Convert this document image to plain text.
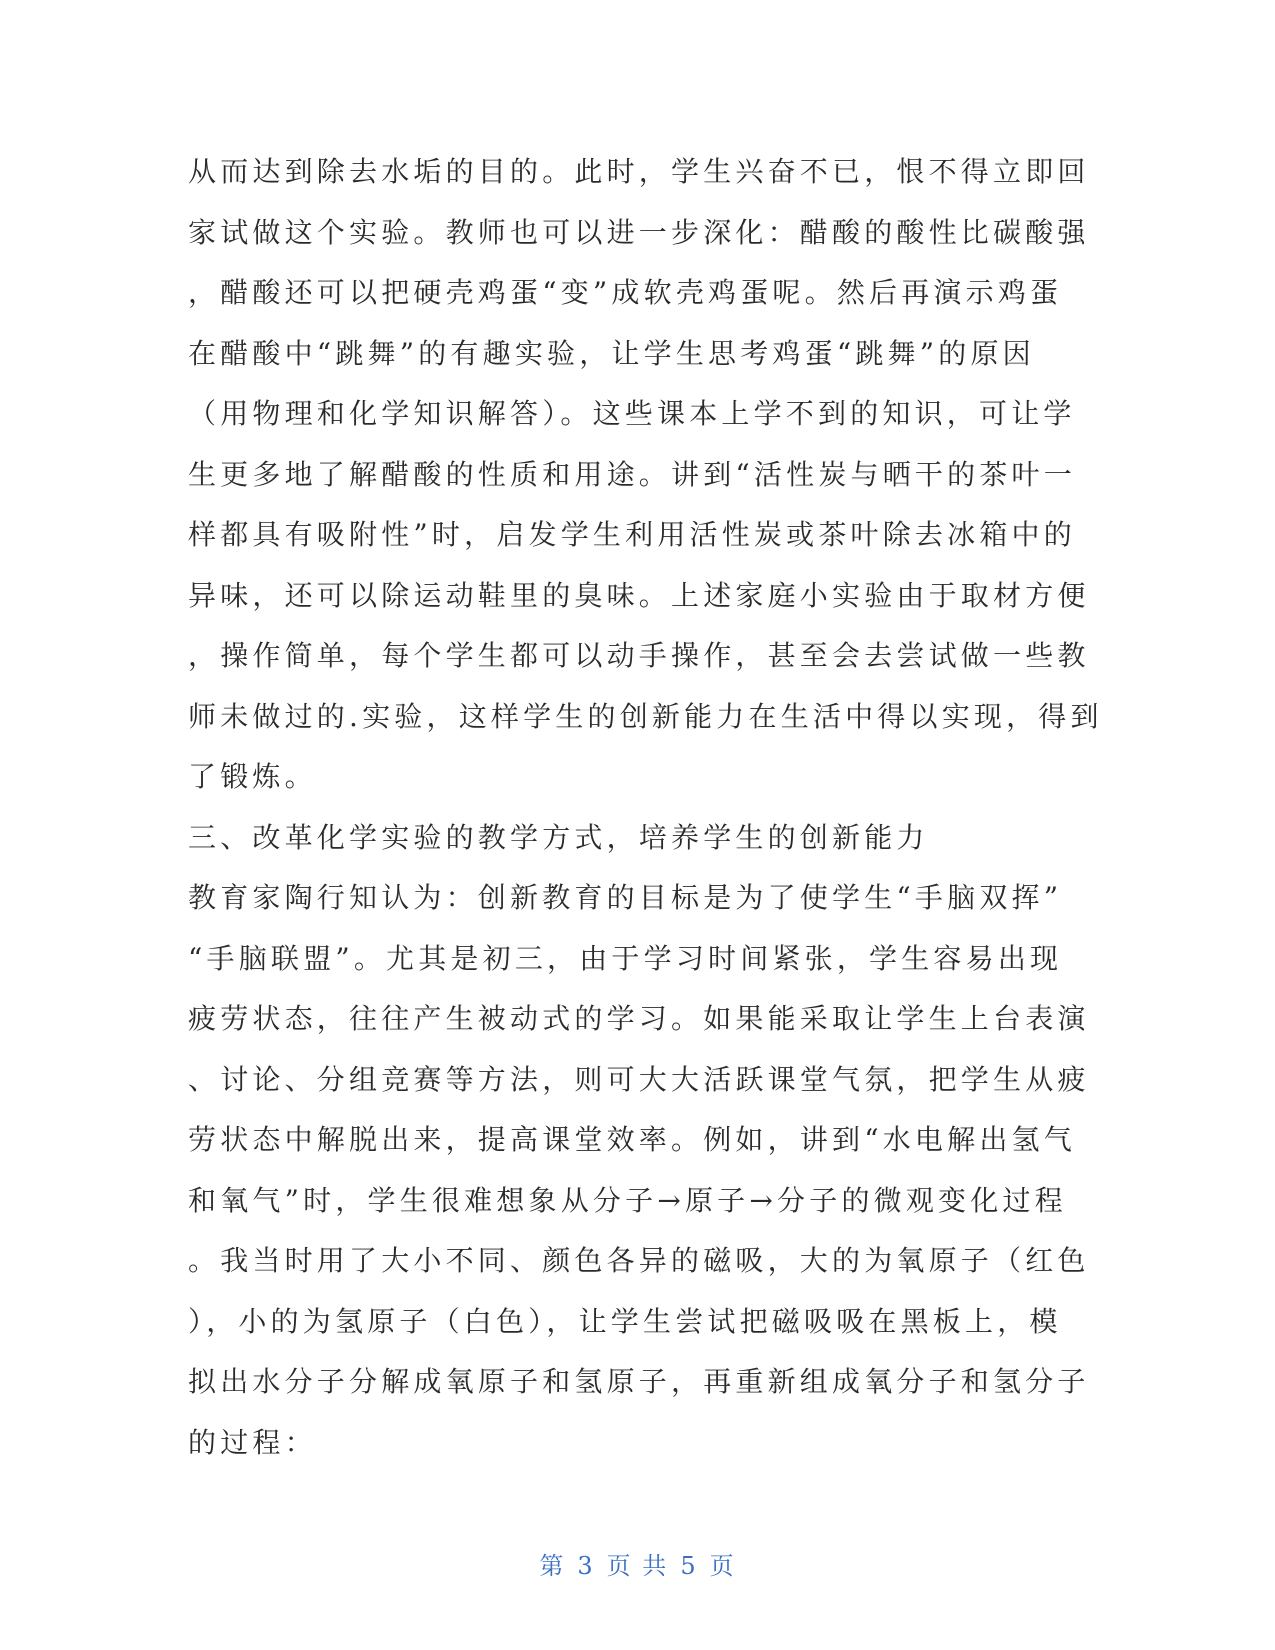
从而达到除去水垢的目的。此时，学生兴奋不已，恨不得立即回
家试做这个实验。教师也可以进一步深化：醋酸的酸性比碳酸强
，醋酸还可以把硬壳鸡蛋“变”成软壳鸡蛋呢。然后再演示鸡蛋
在醋酸中“跳舞”的有趣实验，让学生思考鸡蛋“跳舞”的原因
（用物理和化学知识解答）。这些课本上学不到的知识，可让学
生更多地了解醋酸的性质和用途。讲到“活性炭与晒干的茶叶一
样都具有吸附性”时，启发学生利用活性炭或茶叶除去冰箱中的
异味，还可以除运动鞋里的臭味。上述家庭小实验由于取材方便
，操作简单，每个学生都可以动手操作，甚至会去尝试做一些教
师未做过的.实验，这样学生的创新能力在生活中得以实现，得到
了锻炼。
三、改革化学实验的教学方式，培养学生的创新能力
教育家陶行知认为：创新教育的目标是为了使学生“手脑双挥”
“手脑联盟”。尤其是初三，由于学习时间紧张，学生容易出现
疲劳状态，往往产生被动式的学习。如果能采取让学生上台表演
、讨论、分组竞赛等方法，则可大大活跃课堂气氛，把学生从疲
劳状态中解脱出来，提高课堂效率。例如，讲到“水电解出氢气
和氧气”时，学生很难想象从分子→原子→分子的微观变化过程
。我当时用了大小不同、颜色各异的磁吸，大的为氧原子（红色
），小的为氢原子（白色），让学生尝试把磁吸吸在黑板上，模
拟出水分子分解成氧原子和氢原子，再重新组成氧分子和氢分子
的过程：
第 3 页 共 5 页
